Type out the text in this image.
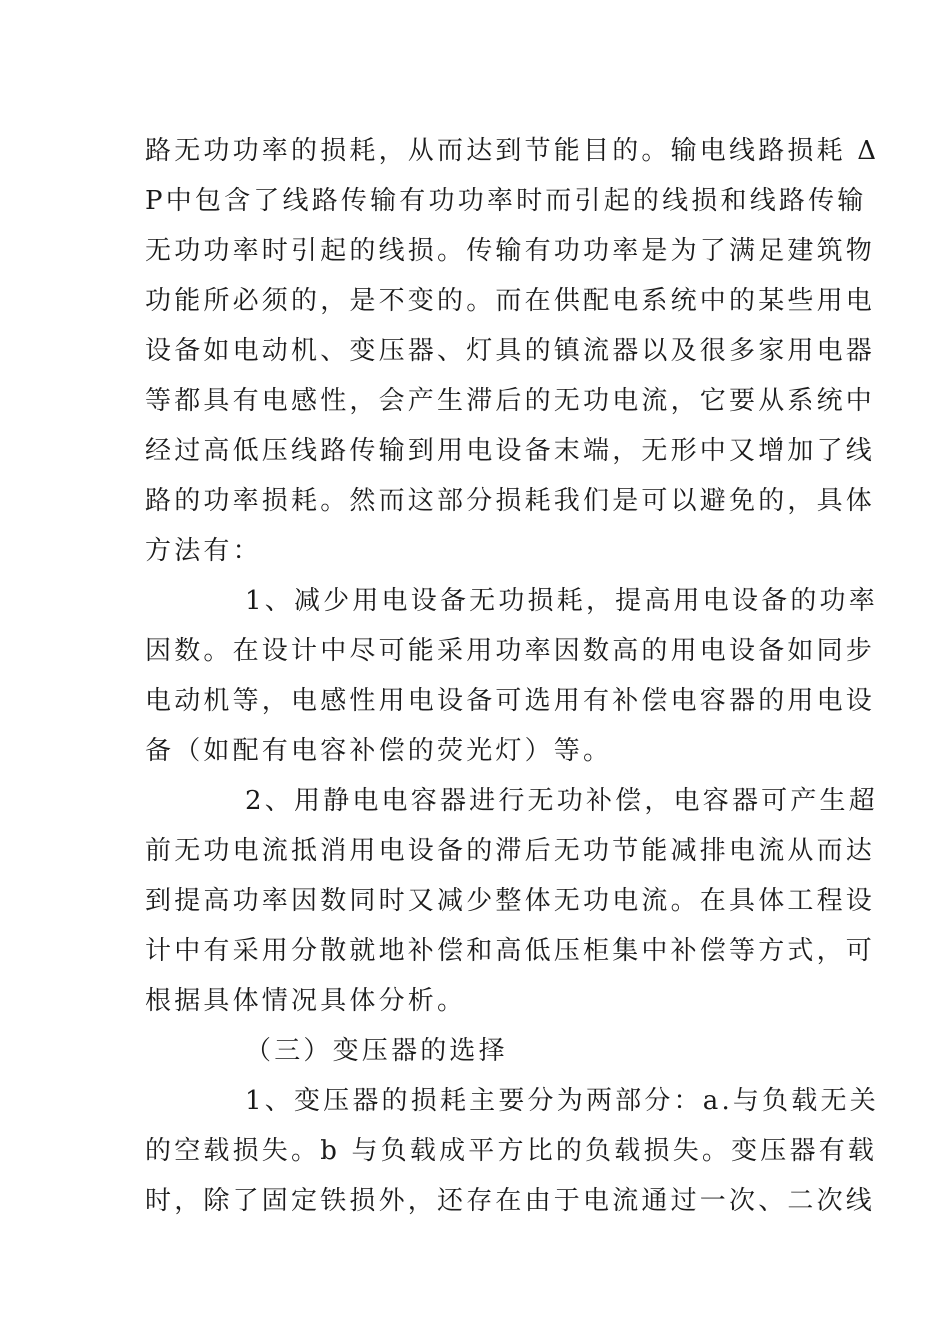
路无功功率的损耗，从而达到节能目的。输电线路损耗 Δ
P中包含了线路传输有功功率时而引起的线损和线路传输
无功功率时引起的线损。传输有功功率是为了满足建筑物
功能所必须的，是不变的。而在供配电系统中的某些用电
设备如电动机、变压器、灯具的镇流器以及很多家用电器
等都具有电感性，会产生滞后的无功电流，它要从系统中
经过高低压线路传输到用电设备末端，无形中又增加了线
路的功率损耗。然而这部分损耗我们是可以避免的，具体
方法有：

1、减少用电设备无功损耗，提高用电设备的功率
因数。在设计中尽可能采用功率因数高的用电设备如同步
电动机等，电感性用电设备可选用有补偿电容器的用电设
备（如配有电容补偿的荧光灯）等。

2、用静电电容器进行无功补偿，电容器可产生超
前无功电流抵消用电设备的滞后无功节能减排电流从而达
到提高功率因数同时又减少整体无功电流。在具体工程设
计中有采用分散就地补偿和高低压柜集中补偿等方式，可
根据具体情况具体分析。

（三）变压器的选择

1、变压器的损耗主要分为两部分：a.与负载无关
的空载损失。b 与负载成平方比的负载损失。变压器有载
时，除了固定铁损外，还存在由于电流通过一次、二次线
